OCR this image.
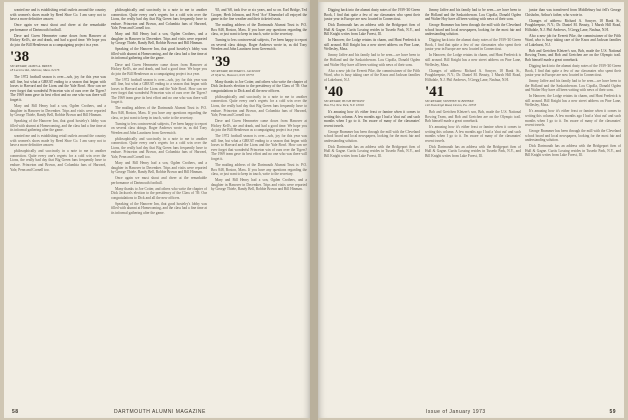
wanted me and is establishing retail outlets around the country with women's shoes made by Reed Shoe Co. I am sorry not to have a more definitive answer.

Once again we must shout and cheer at the remarkable performance of Dartmouth football.

Dave and Gwen Hemmeter came down from Hanover at Hickey Kell's, ate and drank, and had a good time. We hope you do join the Bill Henderson as a campaigning project in a year.

'38
SECRETARY, JAMES A. BREEN
18 Lucerne Rd., Melrose, Mass. 02176

The 1972 football season is over—sob, joy for this year was still fine, but what a GREAT ending to a season that began with losses to Harvard and the Lions and the Yale Bowl. How can we ever forget that wonderful Princeton win of ours over the Tigers? The 1969 team gave its best effort and no one who was there will forget it.

Mary and Bill Henry had a son, Ogden Crothers, and a daughter in Hanover in December. Trips and visits were reported by George Thiele, Randy Bell, Robbie Brown and Bill Hinman.

Speaking of the Hanover Inn, that good hostelry's lobby was filled with alumni at Homecoming, and the class had a fine time at its informal gathering after the game.

wanted me and is establishing retail outlets around the country with women's shoes made by Reed Shoe Co. I am sorry not to have a more definitive answer.

philosophically and succinctly in a note to me to another connection. Quite every one's regrets for a cold win over the Lions, the really bad day that Big Green fans frequently have to endure. Princeton and Brown, and Columbia fans of Harvard, Yale, Penn and Cornell too.

philosophically and succinctly in a note to me to another connection. Quite every one's regrets for a cold win over the Lions, the really bad day that Big Green fans frequently have to endure. Princeton and Brown, and Columbia fans of Harvard, Yale, Penn and Cornell too.

Mary and Bill Henry had a son, Ogden Crothers, and a daughter in Hanover in December. Trips and visits were reported by George Thiele, Randy Bell, Robbie Brown and Bill Hinman.

Speaking of the Hanover Inn, that good hostelry's lobby was filled with alumni at Homecoming, and the class had a fine time at its informal gathering after the game.

Dave and Gwen Hemmeter came down from Hanover at Hickey Kell's, ate and drank, and had a good time. We hope you do join the Bill Henderson as a campaigning project in a year.

The 1972 football season is over—sob, joy for this year was still fine, but what a GREAT ending to a season that began with losses to Harvard and the Lions and the Yale Bowl. How can we ever forget that wonderful Princeton win of ours over the Tigers? The 1969 team gave its best effort and no one who was there will forget it.

The mailing address of the Dartmouth Alumni Trust is: P.O. Box 848, Boston, Mass. If you have any questions regarding the class, or just want to keep in touch, write to the secretary.

Turning to less controversial subjects, I've been happy to report on several class doings. Roger Andrews wrote in, as did Tony Weeden and John Lauritzen from Greenwich.

philosophically and succinctly in a note to me to another connection. Quite every one's regrets for a cold win over the Lions, the really bad day that Big Green fans frequently have to endure. Princeton and Brown, and Columbia fans of Harvard, Yale, Penn and Cornell too.

Mary and Bill Henry had a son, Ogden Crothers, and a daughter in Hanover in December. Trips and visits were reported by George Thiele, Randy Bell, Robbie Brown and Bill Hinman.

Once again we must shout and cheer at the remarkable performance of Dartmouth football.

Many thanks to Joe Cotter, and others who write the chapter of Dick Jackson's election to the presidency of the Class of '39. Our congratulations to Dick and all the new officers.

Speaking of the Hanover Inn, that good hostelry's lobby was filled with alumni at Homecoming, and the class had a fine time at its informal gathering after the game.

'65, and '68, took five or six years, and so on. Earl Bridge, Ted Cooper, Herb Johnson, and Fred 'Ace' Elmendorf all enjoyed the game in the fine weather and their ticketed seats.

The mailing address of the Dartmouth Alumni Trust is: P.O. Box 848, Boston, Mass. If you have any questions regarding the class, or just want to keep in touch, write to the secretary.

Turning to less controversial subjects, I've been happy to report on several class doings. Roger Andrews wrote in, as did Tony Weeden and John Lauritzen from Greenwich.

'39
SECRETARY, RICHARD S. JACKSON
23 Wyld St., Hanover, N.H. 03755

Many thanks to Joe Cotter, and others who write the chapter of Dick Jackson's election to the presidency of the Class of '39. Our congratulations to Dick and all the new officers.

philosophically and succinctly in a note to me to another connection. Quite every one's regrets for a cold win over the Lions, the really bad day that Big Green fans frequently have to endure. Princeton and Brown, and Columbia fans of Harvard, Yale, Penn and Cornell too.

Dave and Gwen Hemmeter came down from Hanover at Hickey Kell's, ate and drank, and had a good time. We hope you do join the Bill Henderson as a campaigning project in a year.

The 1972 football season is over—sob, joy for this year was still fine, but what a GREAT ending to a season that began with losses to Harvard and the Lions and the Yale Bowl. How can we ever forget that wonderful Princeton win of ours over the Tigers? The 1969 team gave its best effort and no one who was there will forget it.

The mailing address of the Dartmouth Alumni Trust is: P.O. Box 848, Boston, Mass. If you have any questions regarding the class, or just want to keep in touch, write to the secretary.

Mary and Bill Henry had a son, Ogden Crothers, and a daughter in Hanover in December. Trips and visits were reported by George Thiele, Randy Bell, Robbie Brown and Bill Hinman.

58	DARTMOUTH ALUMNI MAGAZINE

Digging back into the alumni dusty notes of the 1939-'40 Green Book, I find that quite a few of our classmates who spent their junior year in Europe are now located in Connecticut.

Dick Dartmouth has an address with the Bridgeport firm of Hull & Gagne. Curtis Lossing resides in Tuxedo Park, N.Y., and Bill Knight writes from Lake Forest, Ill.

In Hanover, the Lodge retains its charm, and Hunt Frederick is still around. Bill Knight has a new street address on Pine Lane, Wellesley, Mass.

Jimmy Jaffee and his family had to be seen—we have been to the Holland and the Saskatchewan. Lou Cipolla, Donald Ogden and Walter Hoy have all been writing with news of their sons.

Also a new job for Everett Pike, the commissioner of the Fifth Ward, who is busy taking care of the Knox and Jackson families of Lakehurst, N.J.

'40
SECRETARY, HUGH HEYDEN
Box 354, New York, N.Y. 10016

It's amazing how it's either feast or famine when it comes to writing this column. A few months ago I had a 'shut out' and such months when I go to it. I'm aware of many of the classmates' recent travels.

George Brammer has been through the mill with the Cleveland school board and local newspapers, looking for the most fair and understanding solution.

Dick Dartmouth has an address with the Bridgeport firm of Hull & Gagne. Curtis Lossing resides in Tuxedo Park, N.Y., and Bill Knight writes from Lake Forest, Ill.

Jimmy Jaffee and his family had to be seen—we have been to the Holland and the Saskatchewan. Lou Cipolla, Donald Ogden and Walter Hoy have all been writing with news of their sons.

George Brammer has been through the mill with the Cleveland school board and local newspapers, looking for the most fair and understanding solution.

Digging back into the alumni dusty notes of the 1939-'40 Green Book, I find that quite a few of our classmates who spent their junior year in Europe are now located in Connecticut.

In Hanover, the Lodge retains its charm, and Hunt Frederick is still around. Bill Knight has a new street address on Pine Lane, Wellesley, Mass.

Changes of address: Richard A. Sawyer, 18 Bank St., Poughkeepsie, N.Y.; Dr. Daniel M. Beauty, 1 Marsh Hill Road, Hillsdale, N.J. Phil Andrews, 5 Gregg Lane, Nashua, N.H.

'41
SECRETARY, STEPHEN W. BEHNKE
140 Stoneleigh Road, Devon, Pa. 19333

Bob and Gretchen Kletzer's son, Bob, made the U.S. National Rowing Team, and Bob and Gretchen are on the Olympic trail. Bob himself made a great comeback.

It's amazing how it's either feast or famine when it comes to writing this column. A few months ago I had a 'shut out' and such months when I go to it. I'm aware of many of the classmates' recent travels.

Dick Dartmouth has an address with the Bridgeport firm of Hull & Gagne. Curtis Lossing resides in Tuxedo Park, N.Y., and Bill Knight writes from Lake Forest, Ill.

junior than was transferred from Middlebury but fell's George Chisholm, Arthur's father, who wrote in.

Changes of address: Richard A. Sawyer, 18 Bank St., Poughkeepsie, N.Y.; Dr. Daniel M. Beauty, 1 Marsh Hill Road, Hillsdale, N.J. Phil Andrews, 5 Gregg Lane, Nashua, N.H.

Also a new job for Everett Pike, the commissioner of the Fifth Ward, who is busy taking care of the Knox and Jackson families of Lakehurst, N.J.

Bob and Gretchen Kletzer's son, Bob, made the U.S. National Rowing Team, and Bob and Gretchen are on the Olympic trail. Bob himself made a great comeback.

Digging back into the alumni dusty notes of the 1939-'40 Green Book, I find that quite a few of our classmates who spent their junior year in Europe are now located in Connecticut.

Jimmy Jaffee and his family had to be seen—we have been to the Holland and the Saskatchewan. Lou Cipolla, Donald Ogden and Walter Hoy have all been writing with news of their sons.

In Hanover, the Lodge retains its charm, and Hunt Frederick is still around. Bill Knight has a new street address on Pine Lane, Wellesley, Mass.

It's amazing how it's either feast or famine when it comes to writing this column. A few months ago I had a 'shut out' and such months when I go to it. I'm aware of many of the classmates' recent travels.

George Brammer has been through the mill with the Cleveland school board and local newspapers, looking for the most fair and understanding solution.

Dick Dartmouth has an address with the Bridgeport firm of Hull & Gagne. Curtis Lossing resides in Tuxedo Park, N.Y., and Bill Knight writes from Lake Forest, Ill.

Issue of January 1973	59
